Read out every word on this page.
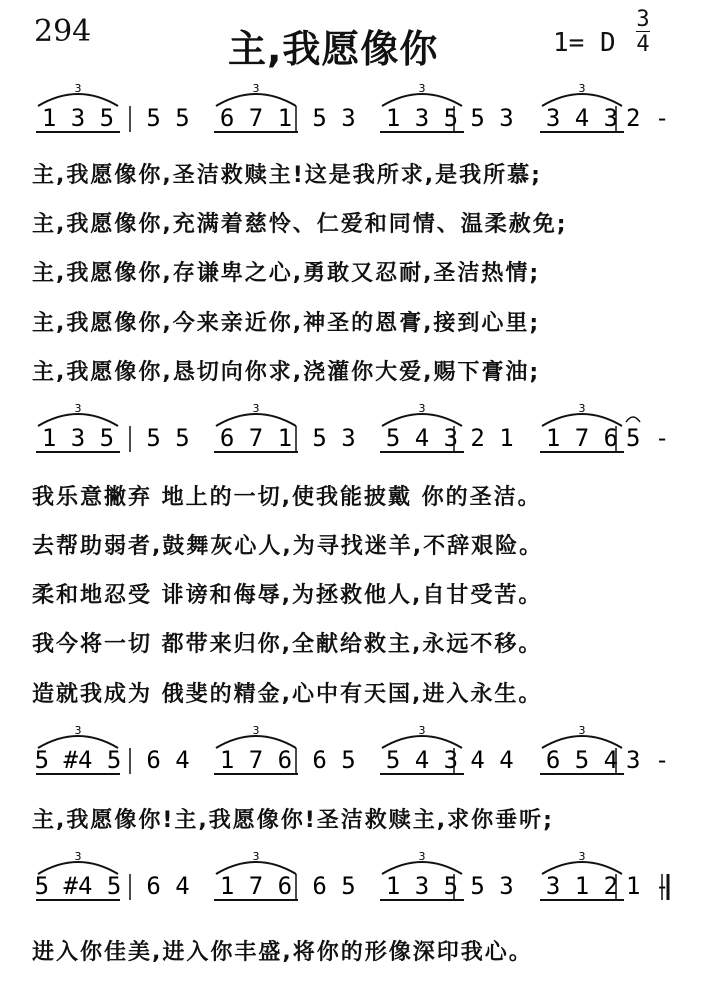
294	主,我愿像你	1= D
3
4
3
1 3 5
3
6 7 1
3
1 3 5
3
3 4 3
5 5	5 3	5 3	2 -
主,我愿像你,圣洁救赎主!这是我所求,是我所慕;
主,我愿像你,充满着慈怜、仁爱和同情、温柔赦免;
主,我愿像你,存谦卑之心,勇敢又忍耐,圣洁热情;
主,我愿像你,今来亲近你,神圣的恩膏,接到心里;
主,我愿像你,恳切向你求,浇灌你大爱,赐下膏油;
3
1 3 5
3
6 7 1
3
5 4 3
3
1 7 6
5 5	5 3	2 1	5 -
我乐意撇弃 地上的一切,使我能披戴 你的圣洁。
去帮助弱者,鼓舞灰心人,为寻找迷羊,不辞艰险。
柔和地忍受 诽谤和侮辱,为拯救他人,自甘受苦。
我今将一切 都带来归你,全献给救主,永远不移。
造就我成为 俄斐的精金,心中有天国,进入永生。
3
5 #4 5
3
1 7 6
3
5 4 3
3
6 5 4
6 4	6 5	4 4	3 -
主,我愿像你!主,我愿像你!圣洁救赎主,求你垂听;
3
5 #4 5
3
1 7 6
3
1 3 5
3
3 1 2
6 4	6 5	5 3	1 -
进入你佳美,进入你丰盛,将你的形像深印我心。
